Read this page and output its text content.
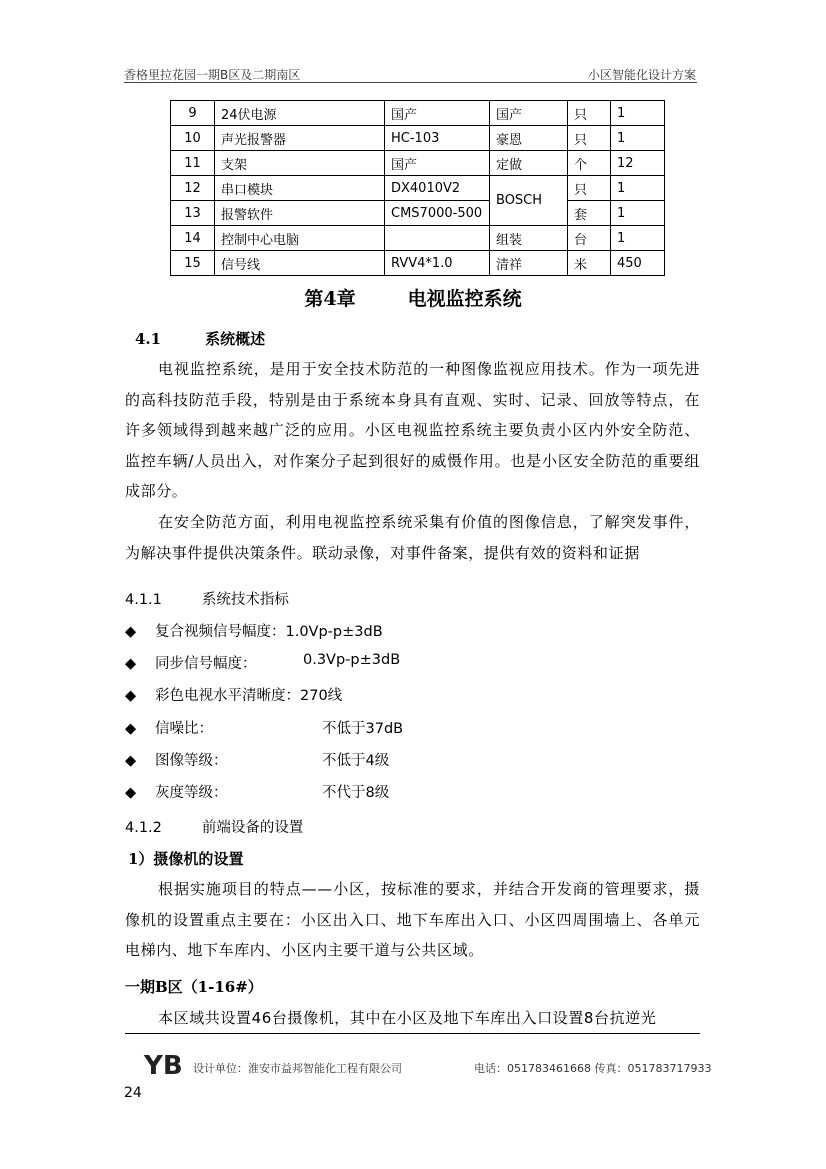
香格里拉花园一期B区及二期南区	小区智能化设计方案
9	24伏电源	国产	国产	只	1
10	声光报警器	HC-103	豪恩	只	1
11	支架	国产	定做	个	12
12	串口模块	DX4010V2	BOSCH	只	1
13	报警软件	CMS7000-500		套	1
14	控制中心电脑		组装	台	1
15	信号线	RVV4*1.0	清祥	米	450
第4章	电视监控系统
4.1	系统概述

电视监控系统，是用于安全技术防范的一种图像监视应用技术。作为一项先进的高科技防范手段，特别是由于系统本身具有直观、实时、记录、回放等特点，在许多领域得到越来越广泛的应用。小区电视监控系统主要负责小区内外安全防范、监控车辆/人员出入，对作案分子起到很好的威慑作用。也是小区安全防范的重要组成部分。

在安全防范方面，利用电视监控系统采集有价值的图像信息，了解突发事件，为解决事件提供决策条件。联动录像，对事件备案，提供有效的资料和证据

4.1.1	系统技术指标
◆ 复合视频信号幅度：1.0Vp-p±3dB
◆ 同步信号幅度：	0.3Vp-p±3dB
◆ 彩色电视水平清晰度：270线
◆ 信噪比：	不低于37dB
◆ 图像等级：	不低于4级
◆ 灰度等级：	不代于8级
4.1.2	前端设备的设置
1）摄像机的设置

根据实施项目的特点——小区，按标准的要求，并结合开发商的管理要求，摄像机的设置重点主要在：小区出入口、地下车库出入口、小区四周围墙上、各单元电梯内、地下车库内、小区内主要干道与公共区域。

一期B区（1-16#）

本区域共设置46台摄像机，其中在小区及地下车库出入口设置8台抗逆光

YB 设计单位：淮安市益邦智能化工程有限公司	电话：051783461668 传真：051783717933
24
